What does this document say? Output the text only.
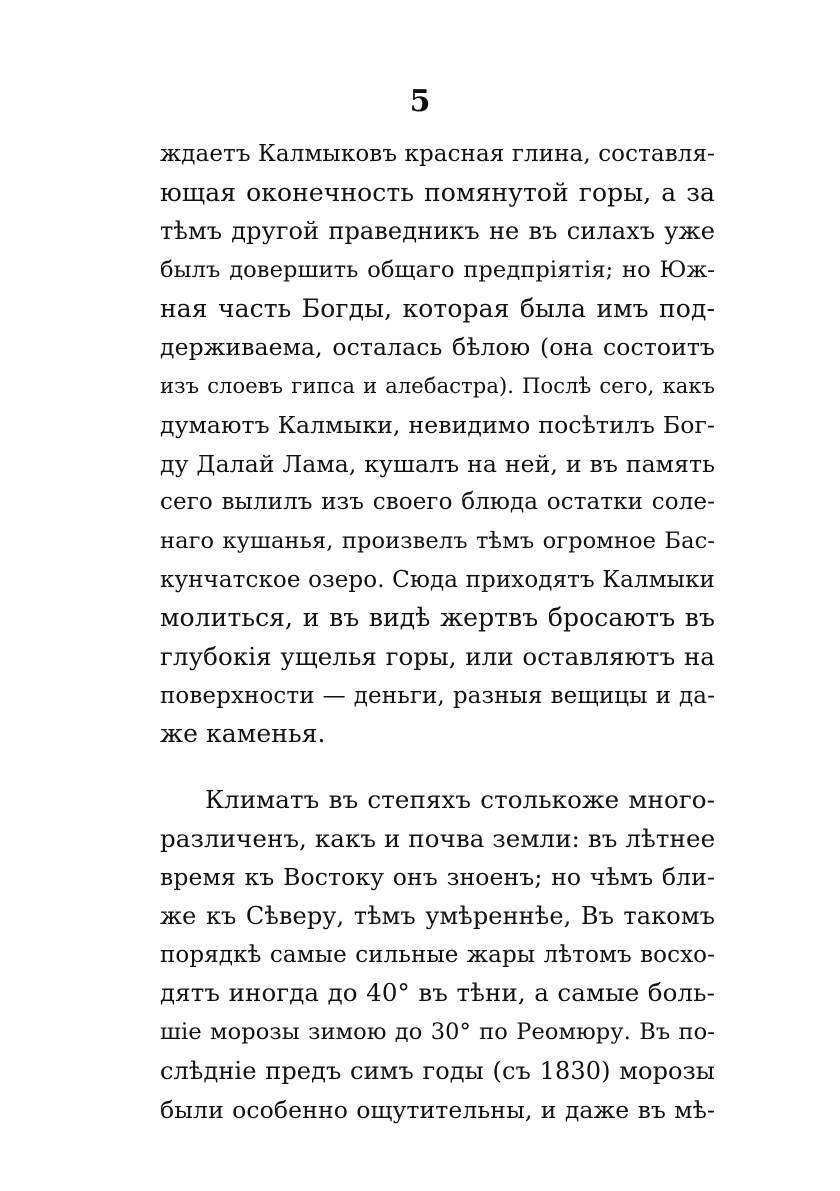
5
ждаетъ Калмыковъ красная глина, составля-
ющая оконечность помянутой горы, а за
тѣмъ другой праведникъ не въ силахъ уже
былъ довершить общаго предпріятія; но Юж-
ная часть Богды, которая была имъ под-
держиваема, осталась бѣлою (она состоитъ
изъ слоевъ гипса и алебастра). Послѣ сего, какъ
думаютъ Калмыки, невидимо посѣтилъ Бог-
ду Далай Лама, кушалъ на ней, и въ память
сего вылилъ изъ своего блюда остатки соле-
наго кушанья, произвелъ тѣмъ огромное Бас-
кунчатское озеро. Сюда приходятъ Калмыки
молиться, и въ видѣ жертвъ бросаютъ въ
глубокія ущелья горы, или оставляютъ на
поверхности — деньги, разныя вещицы и да-
же каменья.
Климатъ въ степяхъ столькоже много-
различенъ, какъ и почва земли: въ лѣтнее
время къ Востоку онъ зноенъ; но чѣмъ бли-
же къ Сѣверу, тѣмъ умѣреннѣе, Въ такомъ
порядкѣ самые сильные жары лѣтомъ восхо-
дятъ иногда до 40° въ тѣни, а самые боль-
шіе морозы зимою до 30° по Реомюру. Въ по-
слѣдніе предъ симъ годы (съ 1830) морозы
были особенно ощутительны, и даже въ мѣ-
